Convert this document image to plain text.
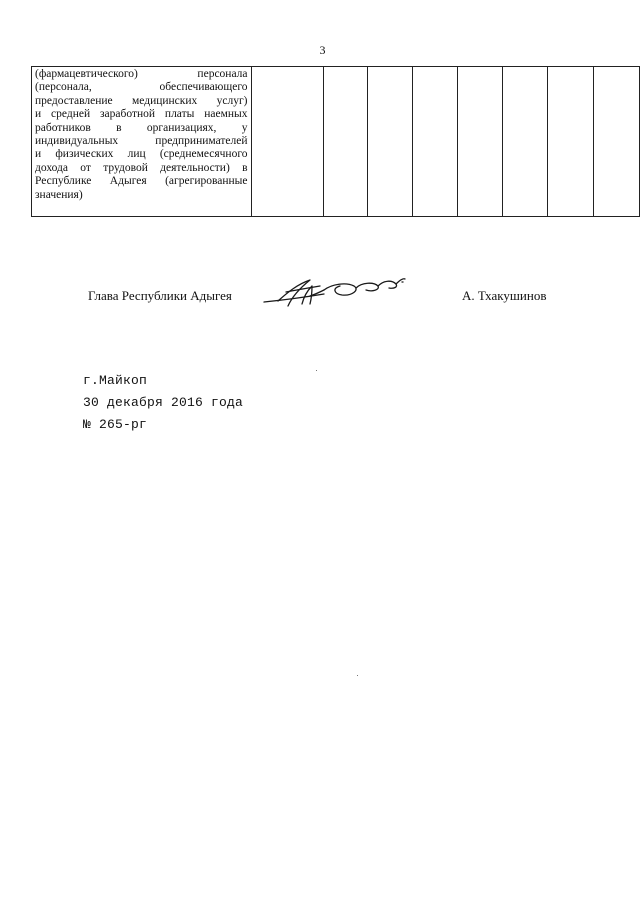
3
(фармацевтического) персонала
(персонала, обеспечивающего
предоставление медицинских услуг)
и средней заработной платы наемных
работников в организациях, у
индивидуальных предпринимателей
и физических лиц (среднемесячного
дохода от трудовой деятельности) в
Республике Адыгея (агрегированные
значения)

Глава Республики Адыгея	А. Тхакушинов
г.Майкоп
30 декабря 2016 года
№ 265-рг
